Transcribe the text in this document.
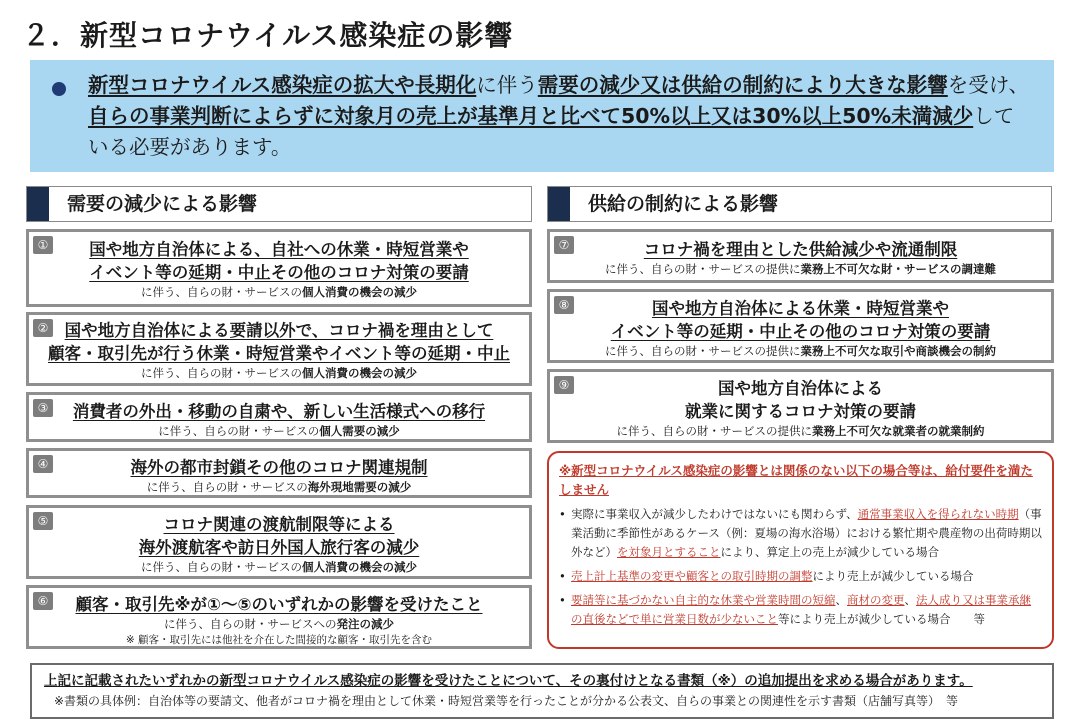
２．新型コロナウイルス感染症の影響

新型コロナウイルス感染症の拡大や長期化に伴う需要の減少又は供給の制約により大きな影響を受け、自らの事業判断によらずに対象月の売上が基準月と比べて50%以上又は30%以上50%未満減少している必要があります。

需要の減少による影響	供給の制約による影響
①	国や地方自治体による、自社への休業・時短営業や
イベント等の延期・中止その他のコロナ対策の要請
に伴う、自らの財・サービスの個人消費の機会の減少
② 国や地方自治体による要請以外で、コロナ禍を理由として
顧客・取引先が行う休業・時短営業やイベント等の延期・中止
に伴う、自らの財・サービスの個人消費の機会の減少
③	消費者の外出・移動の自粛や、新しい生活様式への移行
に伴う、自らの財・サービスの個人需要の減少
④	海外の都市封鎖その他のコロナ関連規制
に伴う、自らの財・サービスの海外現地需要の減少
⑤	コロナ関連の渡航制限等による
海外渡航客や訪日外国人旅行客の減少
に伴う、自らの財・サービスの個人消費の機会の減少
⑥	顧客・取引先※が①～⑤のいずれかの影響を受けたこと
に伴う、自らの財・サービスへの発注の減少
※ 顧客・取引先には他社を介在した間接的な顧客・取引先を含む
⑦	コロナ禍を理由とした供給減少や流通制限
に伴う、自らの財・サービスの提供に業務上不可欠な財・サービスの調達難
⑧	国や地方自治体による休業・時短営業や
イベント等の延期・中止その他のコロナ対策の要請
に伴う、自らの財・サービスの提供に業務上不可欠な取引や商談機会の制約
⑨	国や地方自治体による
就業に関するコロナ対策の要請
に伴う、自らの財・サービスの提供に業務上不可欠な就業者の就業制約
※新型コロナウイルス感染症の影響とは関係のない以下の場合等は、給付要件を満たしません
• 実際に事業収入が減少したわけではないにも関わらず、通常事業収入を得られない時期（事業活動に季節性があるケース（例：夏場の海水浴場）における繁忙期や農産物の出荷時期以外など）を対象月とすることにより、算定上の売上が減少している場合
• 売上計上基準の変更や顧客との取引時期の調整により売上が減少している場合
• 要請等に基づかない自主的な休業や営業時間の短縮、商材の変更、法人成り又は事業承継の直後などで単に営業日数が少ないこと等により売上が減少している場合　　等
上記に記載されたいずれかの新型コロナウイルス感染症の影響を受けたことについて、その裏付けとなる書類（※）の追加提出を求める場合があります。
※書類の具体例：自治体等の要請文、他者がコロナ禍を理由として休業・時短営業等を行ったことが分かる公表文、自らの事業との関連性を示す書類（店舗写真等）　等
